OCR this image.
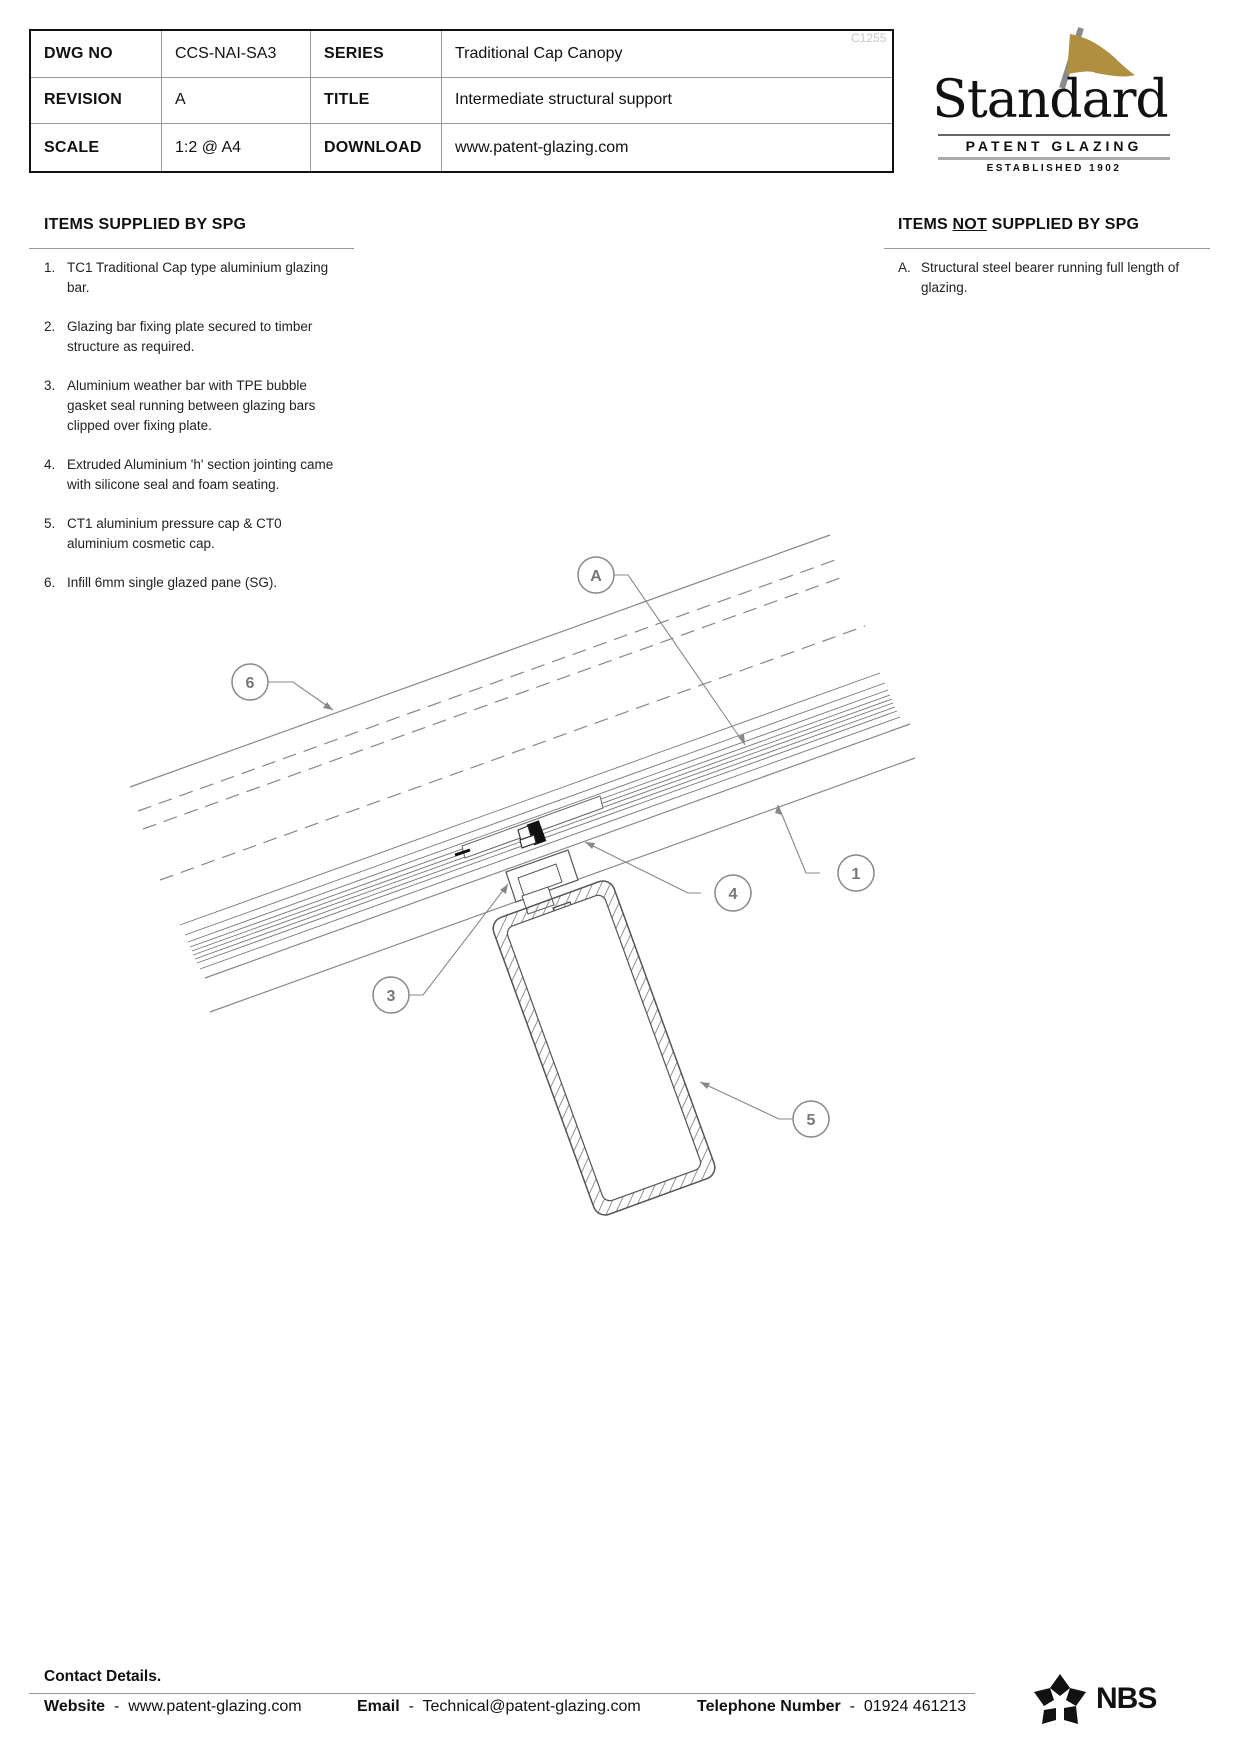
DWG NO	CCS-NAI-SA3	SERIES	Traditional Cap Canopy
REVISION	A	TITLE	Intermediate structural support
SCALE	1:2 @ A4	DOWNLOAD	www.patent-glazing.com
C1255
Standard
PATENT GLAZING
ESTABLISHED 1902
ITEMS SUPPLIED BY SPG
1. TC1 Traditional Cap type aluminium glazing bar.
2. Glazing bar fixing plate secured to timber structure as required.
3. Aluminium weather bar with TPE bubble gasket seal running between glazing bars clipped over fixing plate.
4. Extruded Aluminium 'h' section jointing came with silicone seal and foam seating.
5. CT1 aluminium pressure cap & CT0 aluminium cosmetic cap.
6. Infill 6mm single glazed pane (SG).
ITEMS NOT SUPPLIED BY SPG
A. Structural steel bearer running full length of glazing.
6
A
1
4
3
5
Contact Details.
Website - www.patent-glazing.com	Email - Technical@patent-glazing.com	Telephone Number - 01924 461213	NBS
